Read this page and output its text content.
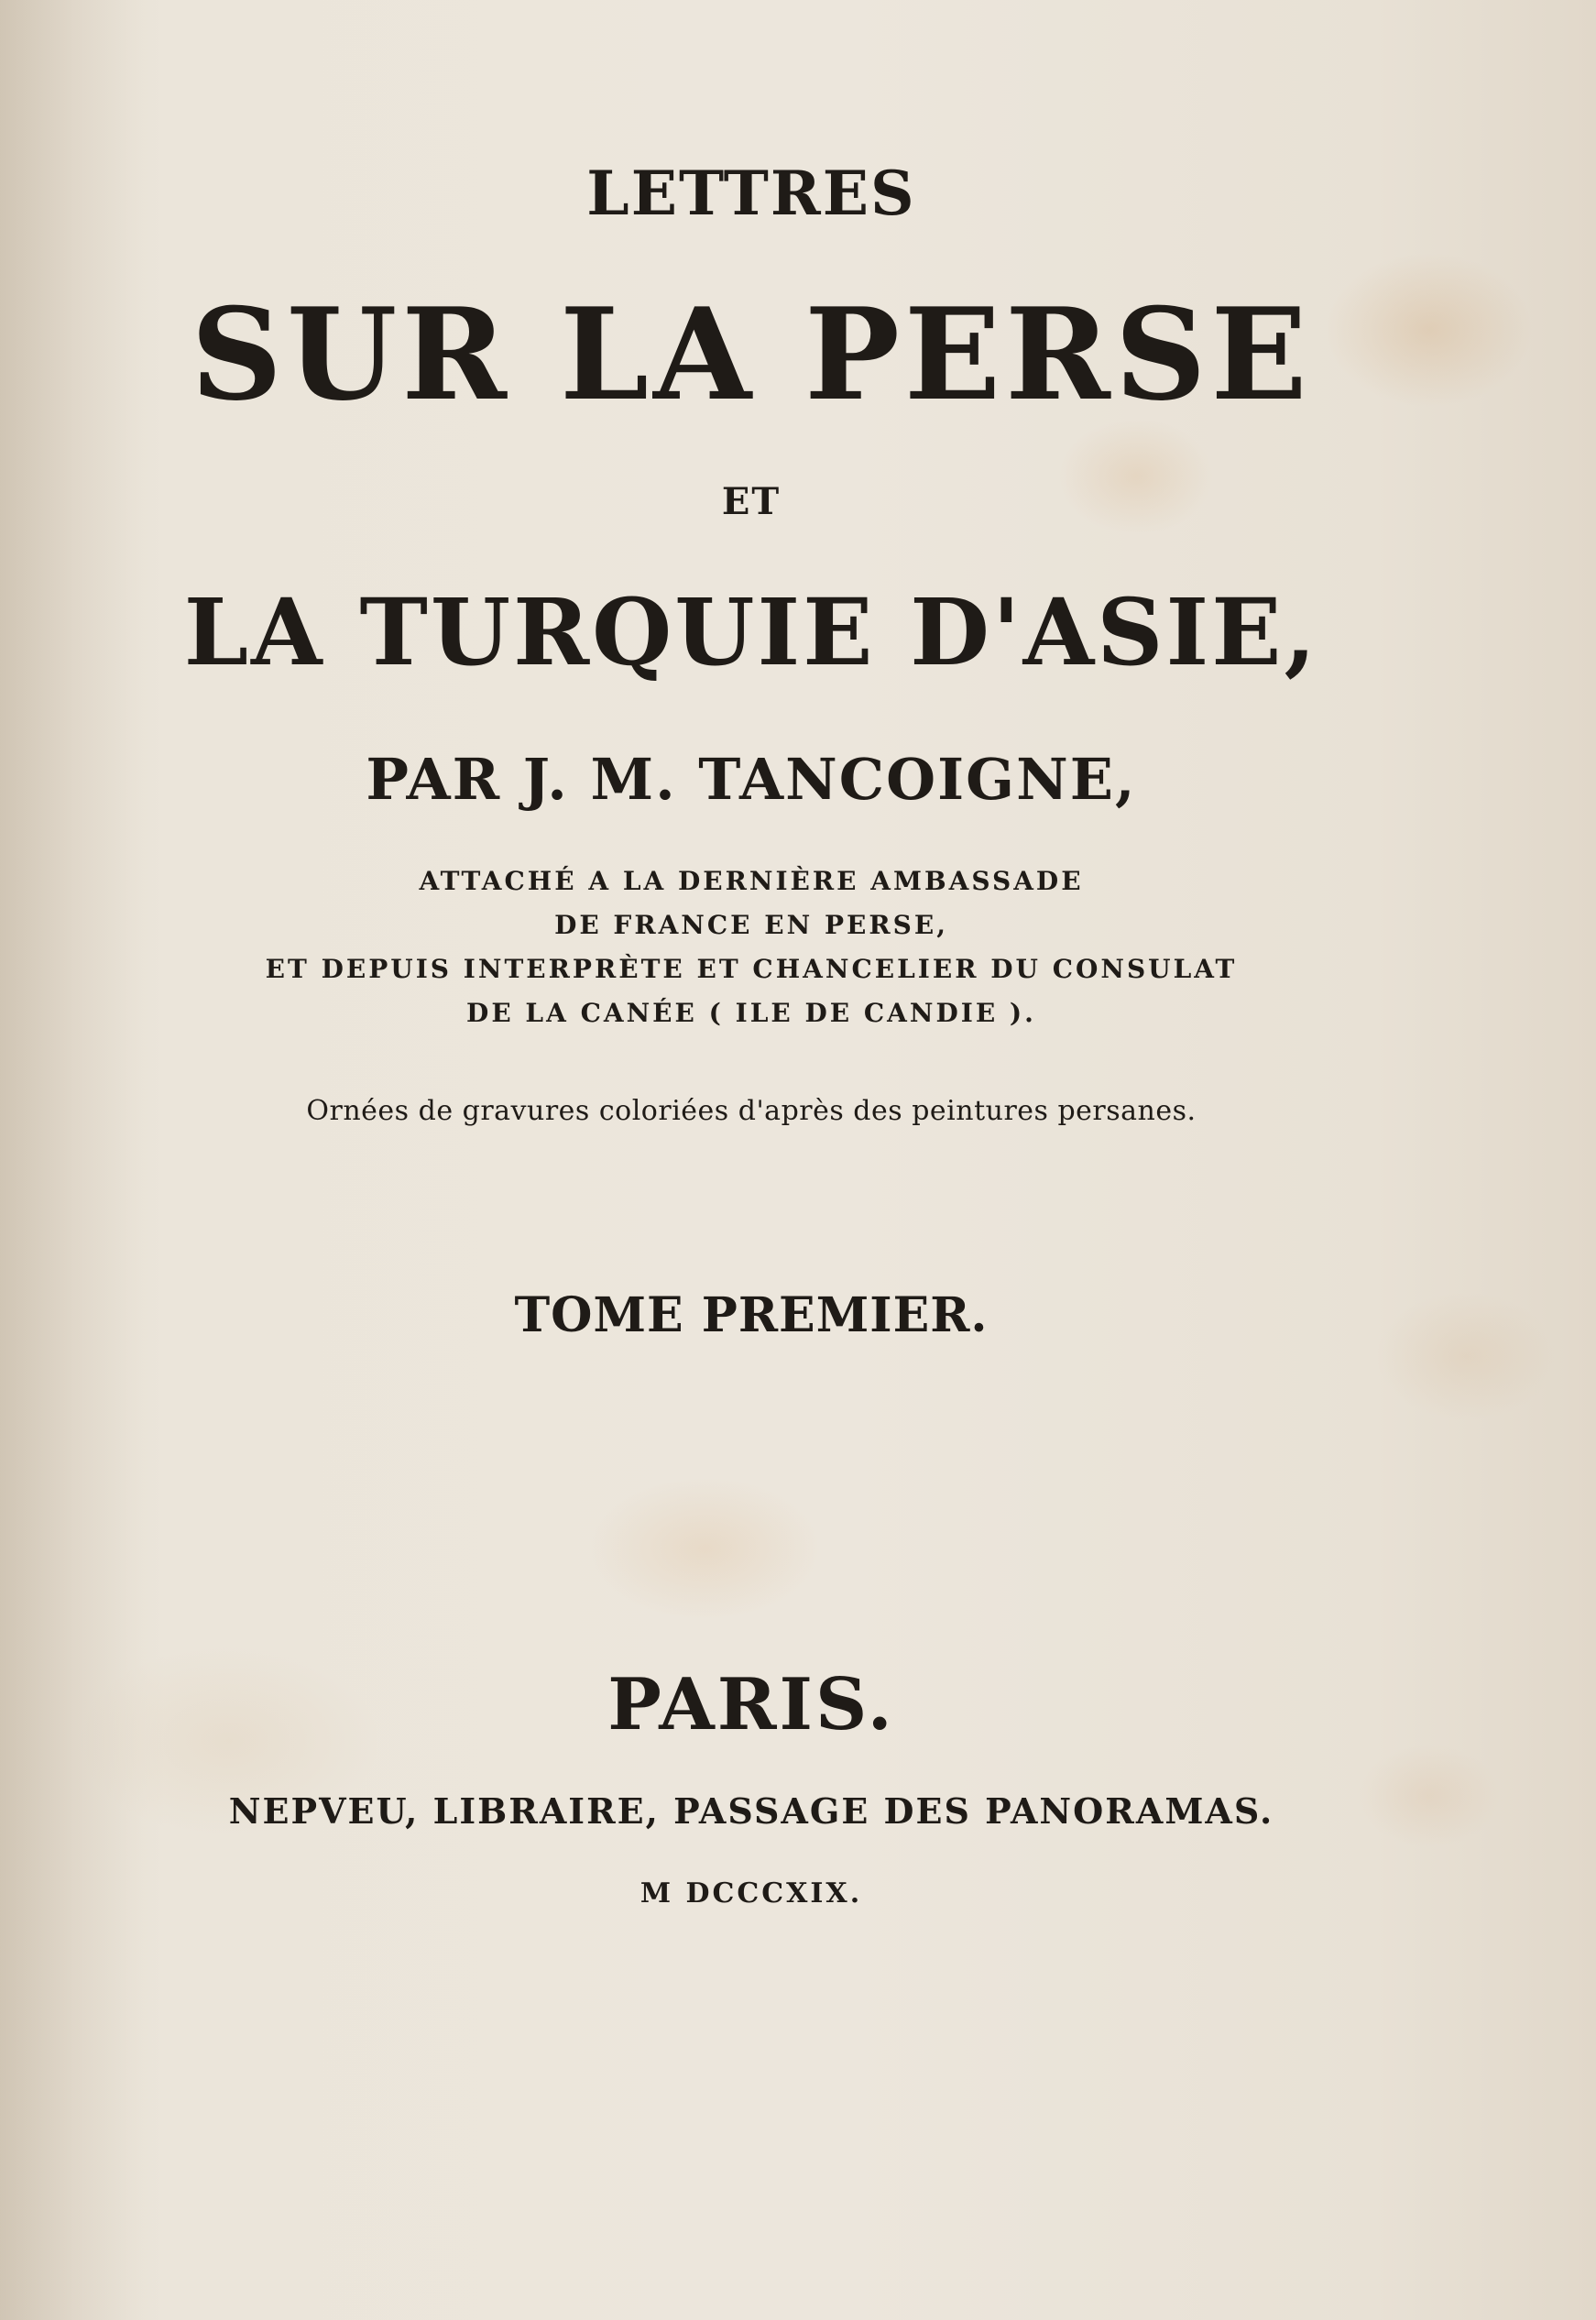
LETTRES
SUR LA PERSE
ET
LA TURQUIE D'ASIE,
PAR J. M. TANCOIGNE,
ATTACHÉ A LA DERNIÈRE AMBASSADE
DE FRANCE EN PERSE,
ET DEPUIS INTERPRÈTE ET CHANCELIER DU CONSULAT
DE LA CANÉE ( ILE DE CANDIE ).
Ornées de gravures coloriées d'après des peintures persanes.
TOME PREMIER.
PARIS.
NEPVEU, LIBRAIRE, PASSAGE DES PANORAMAS.
M DCCCXIX.
